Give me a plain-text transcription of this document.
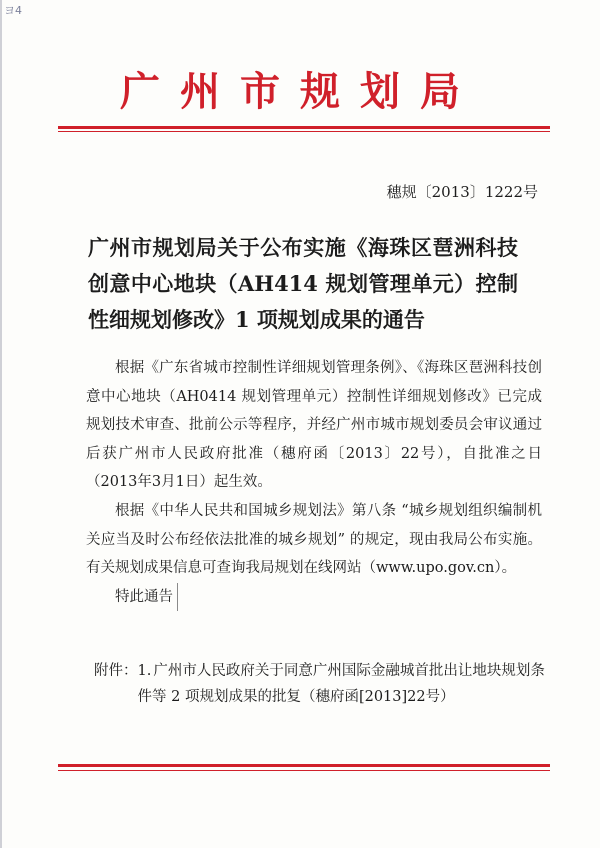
ヨ4
广州市规划局
穗规〔2013〕1222号
广州市规划局关于公布实施《海珠区琶洲科技创意中心地块（AH414 规划管理单元）控制性细规划修改》1 项规划成果的通告

根据《广东省城市控制性详细规划管理条例》、《海珠区琶洲科技创意中心地块（AH0414 规划管理单元）控制性详细规划修改》已完成规划技术审查、批前公示等程序，并经广州市城市规划委员会审议通过后获广州市人民政府批准（穗府函〔2013〕22号），自批准之日（2013年3月1日）起生效。

根据《中华人民共和国城乡规划法》第八条 “城乡规划组织编制机关应当及时公布经依法批准的城乡规划” 的规定，现由我局公布实施。有关规划成果信息可查询我局规划在线网站（www.upo.gov.cn）。

特此通告

附件： 1. 广州市人民政府关于同意广州国际金融城首批出让地块规划条件等 2 项规划成果的批复（穗府函[2013]22号）
